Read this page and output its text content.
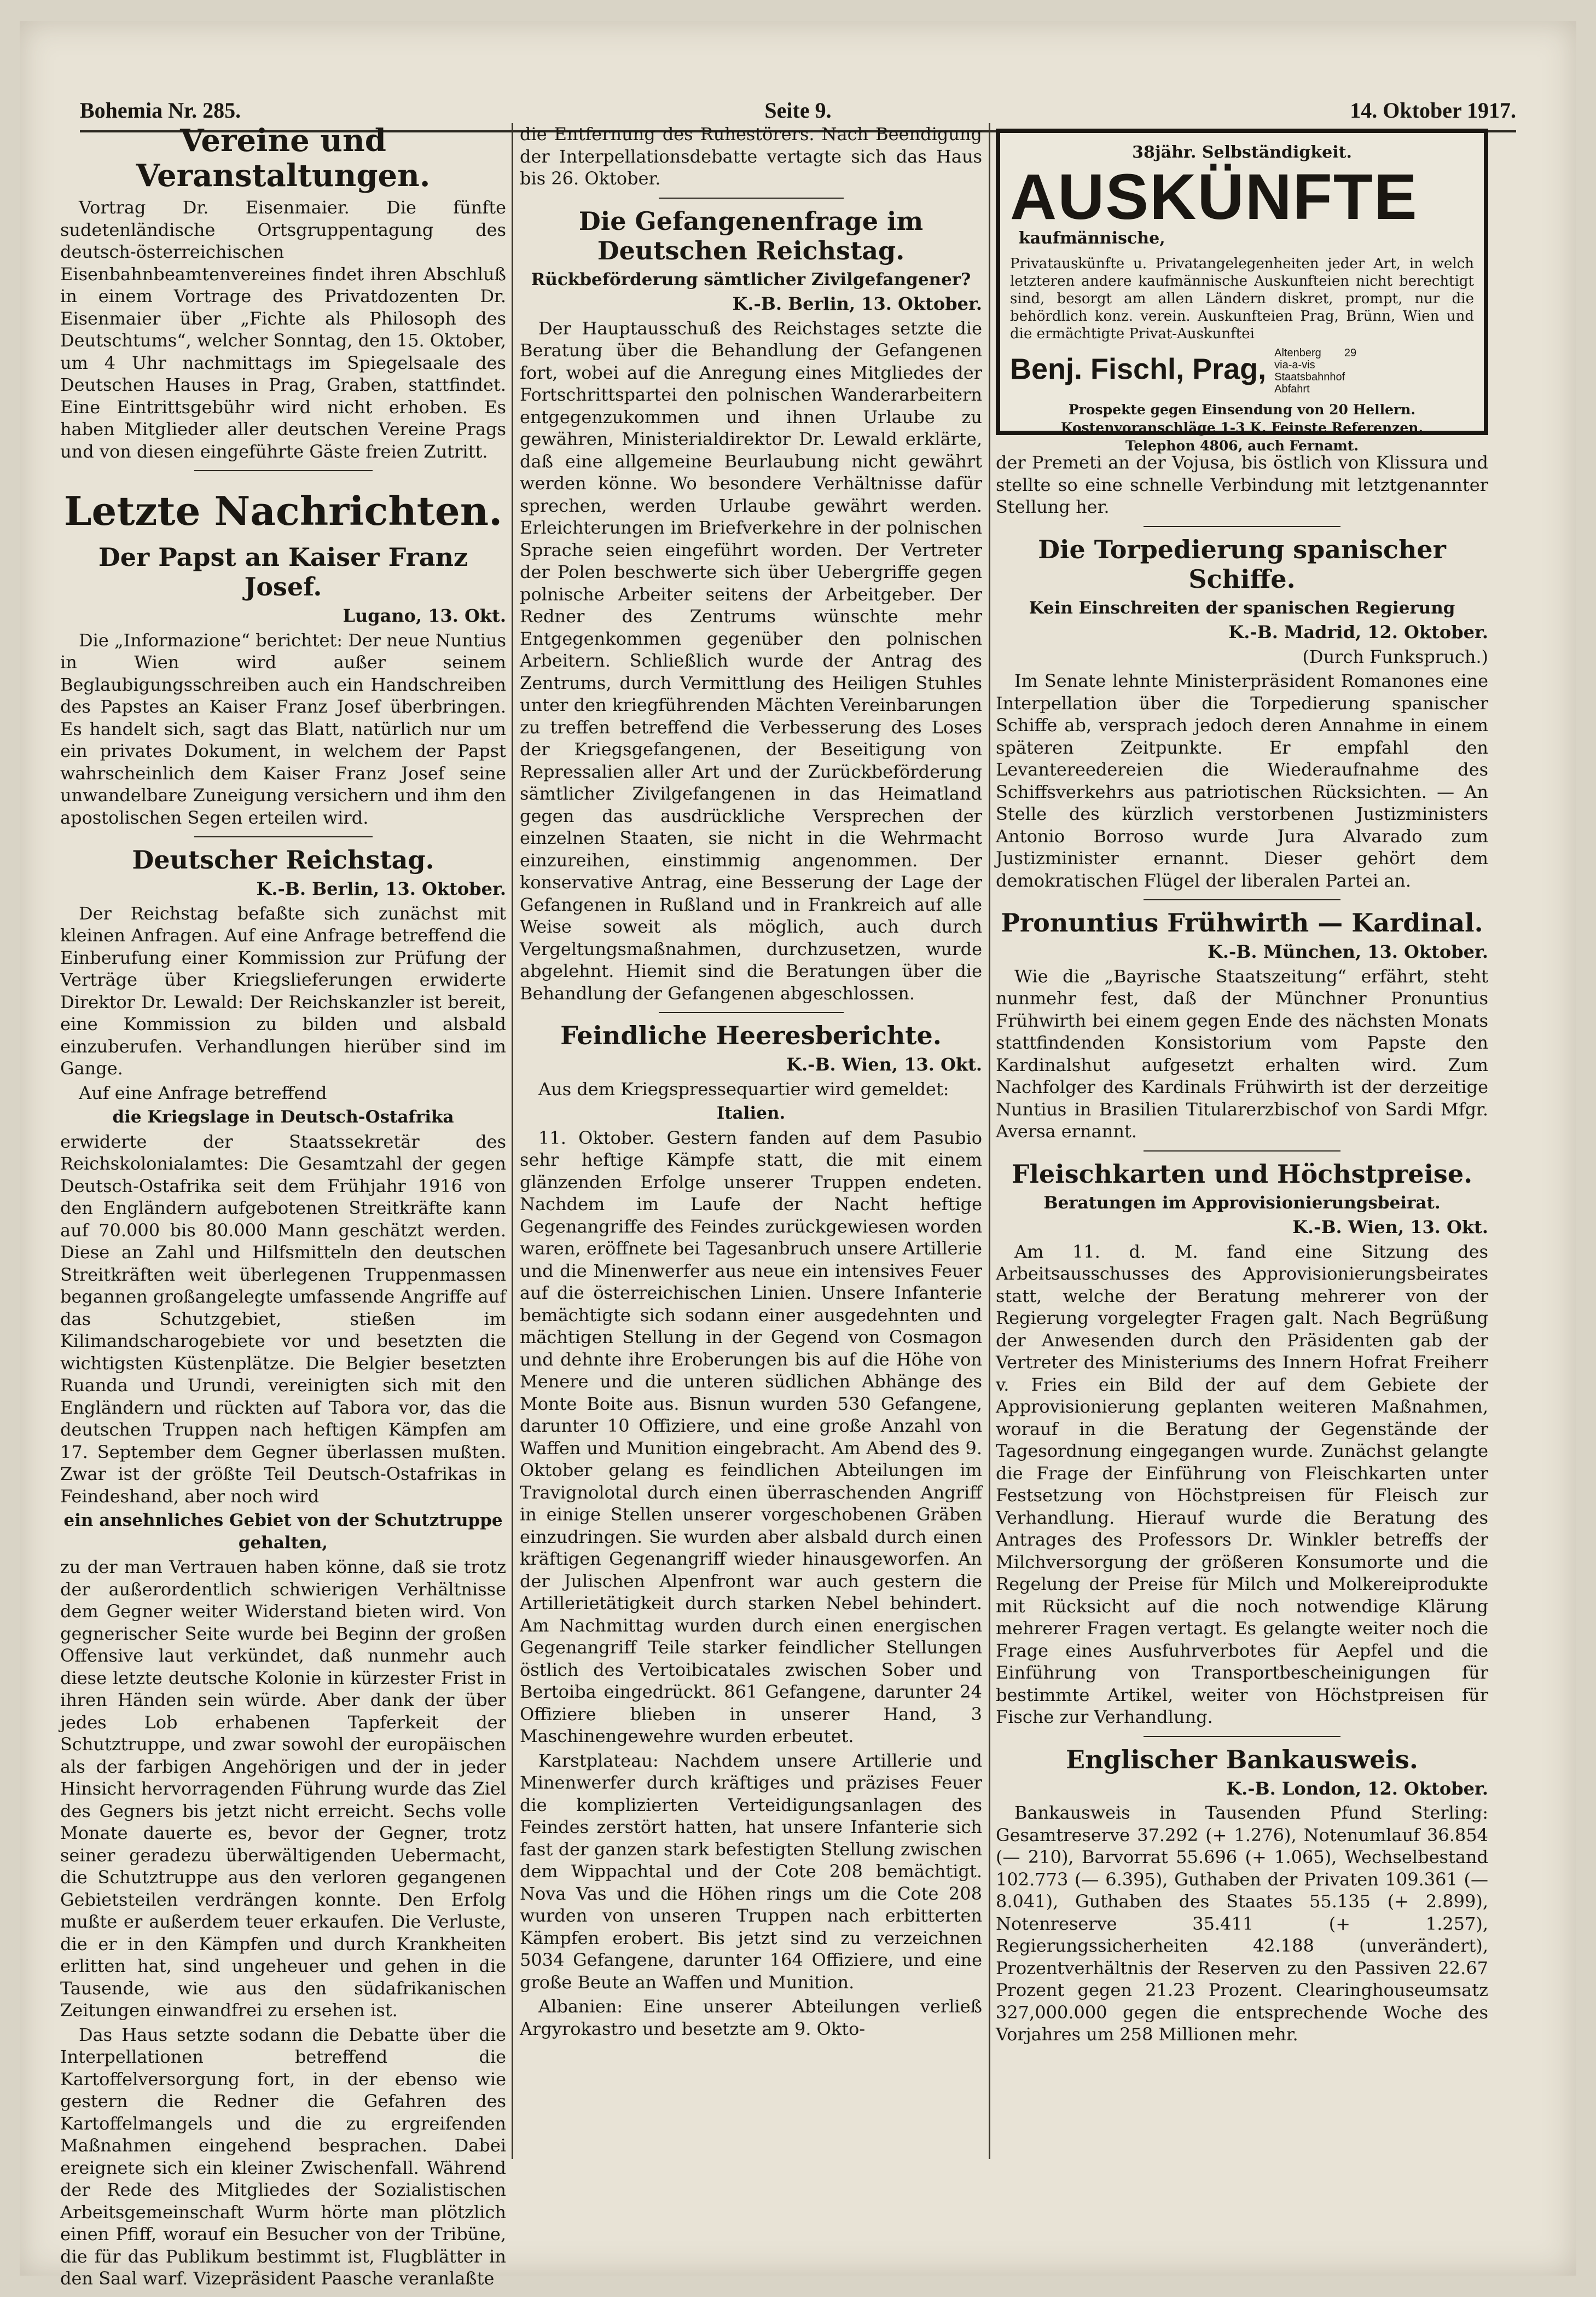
Bohemia Nr. 285.	Seite 9.	14. Oktober 1917.

Vereine und Veranstaltungen.

Vortrag Dr. Eisenmaier. Die fünfte sudetenländische Ortsgruppentagung des deutsch-österreichischen Eisenbahnbeamtenvereines findet ihren Abschluß in einem Vortrage des Privatdozenten Dr. Eisenmaier über „Fichte als Philosoph des Deutschtums“, welcher Sonntag, den 15. Oktober, um 4 Uhr nachmittags im Spiegelsaale des Deutschen Hauses in Prag, Graben, stattfindet. Eine Eintrittsgebühr wird nicht erhoben. Es haben Mitglieder aller deutschen Vereine Prags und von diesen eingeführte Gäste freien Zutritt.

Letzte Nachrichten.

Der Papst an Kaiser Franz Josef.

Lugano, 13. Okt.

Die „Informazione“ berichtet: Der neue Nuntius in Wien wird außer seinem Beglaubigungsschreiben auch ein Handschreiben des Papstes an Kaiser Franz Josef überbringen. Es handelt sich, sagt das Blatt, natürlich nur um ein privates Dokument, in welchem der Papst wahrscheinlich dem Kaiser Franz Josef seine unwandelbare Zuneigung versichern und ihm den apostolischen Segen erteilen wird.

Deutscher Reichstag.

K.-B. Berlin, 13. Oktober.

Der Reichstag befaßte sich zunächst mit kleinen Anfragen. Auf eine Anfrage betreffend die Einberufung einer Kommission zur Prüfung der Verträge über Kriegslieferungen erwiderte Direktor Dr. Lewald: Der Reichskanzler ist bereit, eine Kommission zu bilden und alsbald einzuberufen. Verhandlungen hierüber sind im Gange.

Auf eine Anfrage betreffend

die Kriegslage in Deutsch-Ostafrika

erwiderte der Staatssekretär des Reichskolonialamtes: Die Gesamtzahl der gegen Deutsch-Ostafrika seit dem Frühjahr 1916 von den Engländern aufgebotenen Streitkräfte kann auf 70.000 bis 80.000 Mann geschätzt werden. Diese an Zahl und Hilfsmitteln den deutschen Streitkräften weit überlegenen Truppenmassen begannen großangelegte umfassende Angriffe auf das Schutzgebiet, stießen im Kilimandscharogebiete vor und besetzten die wichtigsten Küstenplätze. Die Belgier besetzten Ruanda und Urundi, vereinigten sich mit den Engländern und rückten auf Tabora vor, das die deutschen Truppen nach heftigen Kämpfen am 17. September dem Gegner überlassen mußten. Zwar ist der größte Teil Deutsch-Ostafrikas in Feindeshand, aber noch wird

ein ansehnliches Gebiet von der Schutztruppe gehalten,

zu der man Vertrauen haben könne, daß sie trotz der außerordentlich schwierigen Verhältnisse dem Gegner weiter Widerstand bieten wird. Von gegnerischer Seite wurde bei Beginn der großen Offensive laut verkündet, daß nunmehr auch diese letzte deutsche Kolonie in kürzester Frist in ihren Händen sein würde. Aber dank der über jedes Lob erhabenen Tapferkeit der Schutztruppe, und zwar sowohl der europäischen als der farbigen Angehörigen und der in jeder Hinsicht hervorragenden Führung wurde das Ziel des Gegners bis jetzt nicht erreicht. Sechs volle Monate dauerte es, bevor der Gegner, trotz seiner geradezu überwältigenden Uebermacht, die Schutztruppe aus den verloren gegangenen Gebietsteilen verdrängen konnte. Den Erfolg mußte er außerdem teuer erkaufen. Die Verluste, die er in den Kämpfen und durch Krankheiten erlitten hat, sind ungeheuer und gehen in die Tausende, wie aus den südafrikanischen Zeitungen einwandfrei zu ersehen ist.

Das Haus setzte sodann die Debatte über die Interpellationen betreffend die Kartoffelversorgung fort, in der ebenso wie gestern die Redner die Gefahren des Kartoffelmangels und die zu ergreifenden Maßnahmen eingehend besprachen. Dabei ereignete sich ein kleiner Zwischenfall. Während der Rede des Mitgliedes der Sozialistischen Arbeitsgemeinschaft Wurm hörte man plötzlich einen Pfiff, worauf ein Besucher von der Tribüne, die für das Publikum bestimmt ist, Flugblätter in den Saal warf. Vizepräsident Paasche veranlaßte

die Entfernung des Ruhestörers. Nach Beendigung der Interpellationsdebatte vertagte sich das Haus bis 26. Oktober.

Die Gefangenenfrage im Deutschen Reichstag.

Rückbeförderung sämtlicher Zivilgefangener?

K.-B. Berlin, 13. Oktober.

Der Hauptausschuß des Reichstages setzte die Beratung über die Behandlung der Gefangenen fort, wobei auf die Anregung eines Mitgliedes der Fortschrittspartei den polnischen Wanderarbeitern entgegenzukommen und ihnen Urlaube zu gewähren, Ministerialdirektor Dr. Lewald erklärte, daß eine allgemeine Beurlaubung nicht gewährt werden könne. Wo besondere Verhältnisse dafür sprechen, werden Urlaube gewährt werden. Erleichterungen im Briefverkehre in der polnischen Sprache seien eingeführt worden. Der Vertreter der Polen beschwerte sich über Uebergriffe gegen polnische Arbeiter seitens der Arbeitgeber. Der Redner des Zentrums wünschte mehr Entgegenkommen gegenüber den polnischen Arbeitern. Schließlich wurde der Antrag des Zentrums, durch Vermittlung des Heiligen Stuhles unter den kriegführenden Mächten Vereinbarungen zu treffen betreffend die Verbesserung des Loses der Kriegsgefangenen, der Beseitigung von Repressalien aller Art und der Zurückbeförderung sämtlicher Zivilgefangenen in das Heimatland gegen das ausdrückliche Versprechen der einzelnen Staaten, sie nicht in die Wehrmacht einzureihen, einstimmig angenommen. Der konservative Antrag, eine Besserung der Lage der Gefangenen in Rußland und in Frankreich auf alle Weise soweit als möglich, auch durch Vergeltungsmaßnahmen, durchzusetzen, wurde abgelehnt. Hiemit sind die Beratungen über die Behandlung der Gefangenen abgeschlossen.

Feindliche Heeresberichte.

K.-B. Wien, 13. Okt.

Aus dem Kriegspressequartier wird gemeldet:

Italien.

11. Oktober. Gestern fanden auf dem Pasubio sehr heftige Kämpfe statt, die mit einem glänzenden Erfolge unserer Truppen endeten. Nachdem im Laufe der Nacht heftige Gegenangriffe des Feindes zurückgewiesen worden waren, eröffnete bei Tagesanbruch unsere Artillerie und die Minenwerfer aus neue ein intensives Feuer auf die österreichischen Linien. Unsere Infanterie bemächtigte sich sodann einer ausgedehnten und mächtigen Stellung in der Gegend von Cosmagon und dehnte ihre Eroberungen bis auf die Höhe von Menere und die unteren südlichen Abhänge des Monte Boite aus. Bisnun wurden 530 Gefangene, darunter 10 Offiziere, und eine große Anzahl von Waffen und Munition eingebracht. Am Abend des 9. Oktober gelang es feindlichen Abteilungen im Travignolotal durch einen überraschenden Angriff in einige Stellen unserer vorgeschobenen Gräben einzudringen. Sie wurden aber alsbald durch einen kräftigen Gegenangriff wieder hinausgeworfen. An der Julischen Alpenfront war auch gestern die Artillerietätigkeit durch starken Nebel behindert. Am Nachmittag wurden durch einen energischen Gegenangriff Teile starker feindlicher Stellungen östlich des Vertoibicatales zwischen Sober und Bertoiba eingedrückt. 861 Gefangene, darunter 24 Offiziere blieben in unserer Hand, 3 Maschinengewehre wurden erbeutet.

Karstplateau: Nachdem unsere Artillerie und Minenwerfer durch kräftiges und präzises Feuer die komplizierten Verteidigungsanlagen des Feindes zerstört hatten, hat unsere Infanterie sich fast der ganzen stark befestigten Stellung zwischen dem Wippachtal und der Cote 208 bemächtigt. Nova Vas und die Höhen rings um die Cote 208 wurden von unseren Truppen nach erbitterten Kämpfen erobert. Bis jetzt sind zu verzeichnen 5034 Gefangene, darunter 164 Offiziere, und eine große Beute an Waffen und Munition.

Albanien: Eine unserer Abteilungen verließ Argyrokastro und besetzte am 9. Okto-

38jähr. Selbständigkeit.
AUSKÜNFTEkaufmännische,
Privatauskünfte u. Privatangelegenheiten jeder Art, in welch letzteren andere kaufmännische Auskunfteien nicht berechtigt sind, besorgt am allen Ländern diskret, prompt, nur die behördlich konz. verein. Auskunfteien Prag, Brünn, Wien und die ermächtigte Privat-Auskunftei
Benj. Fischl, Prag, Altenberg 29 via-a-vis Staatsbahnhof Abfahrt
Prospekte gegen Einsendung von 20 Hellern.
Kostenvoranschläge 1-3 K. Feinste Referenzen.
Telephon 4806, auch Fernamt.

der Premeti an der Vojusa, bis östlich von Klissura und stellte so eine schnelle Verbindung mit letztgenannter Stellung her.

Die Torpedierung spanischer Schiffe.

Kein Einschreiten der spanischen Regierung

K.-B. Madrid, 12. Oktober.

(Durch Funkspruch.)

Im Senate lehnte Ministerpräsident Romanones eine Interpellation über die Torpedierung spanischer Schiffe ab, versprach jedoch deren Annahme in einem späteren Zeitpunkte. Er empfahl den Levantereedereien die Wiederaufnahme des Schiffsverkehrs aus patriotischen Rücksichten. — An Stelle des kürzlich verstorbenen Justizministers Antonio Borroso wurde Jura Alvarado zum Justizminister ernannt. Dieser gehört dem demokratischen Flügel der liberalen Partei an.

Pronuntius Frühwirth — Kardinal.

K.-B. München, 13. Oktober.

Wie die „Bayrische Staatszeitung“ erfährt, steht nunmehr fest, daß der Münchner Pronuntius Frühwirth bei einem gegen Ende des nächsten Monats stattfindenden Konsistorium vom Papste den Kardinalshut aufgesetzt erhalten wird. Zum Nachfolger des Kardinals Frühwirth ist der derzeitige Nuntius in Brasilien Titularerzbischof von Sardi Mfgr. Aversa ernannt.

Fleischkarten und Höchstpreise.

Beratungen im Approvisionierungsbeirat.

K.-B. Wien, 13. Okt.

Am 11. d. M. fand eine Sitzung des Arbeitsausschusses des Approvisionierungsbeirates statt, welche der Beratung mehrerer von der Regierung vorgelegter Fragen galt. Nach Begrüßung der Anwesenden durch den Präsidenten gab der Vertreter des Ministeriums des Innern Hofrat Freiherr v. Fries ein Bild der auf dem Gebiete der Approvisionierung geplanten weiteren Maßnahmen, worauf in die Beratung der Gegenstände der Tagesordnung eingegangen wurde. Zunächst gelangte die Frage der Einführung von Fleischkarten unter Festsetzung von Höchstpreisen für Fleisch zur Verhandlung. Hierauf wurde die Beratung des Antrages des Professors Dr. Winkler betreffs der Milchversorgung der größeren Konsumorte und die Regelung der Preise für Milch und Molkereiprodukte mit Rücksicht auf die noch notwendige Klärung mehrerer Fragen vertagt. Es gelangte weiter noch die Frage eines Ausfuhrverbotes für Aepfel und die Einführung von Transportbescheinigungen für bestimmte Artikel, weiter von Höchstpreisen für Fische zur Verhandlung.

Englischer Bankausweis.

K.-B. London, 12. Oktober.

Bankausweis in Tausenden Pfund Sterling: Gesamtreserve 37.292 (+ 1.276), Notenumlauf 36.854 (— 210), Barvorrat 55.696 (+ 1.065), Wechselbestand 102.773 (— 6.395), Guthaben der Privaten 109.361 (— 8.041), Guthaben des Staates 55.135 (+ 2.899), Notenreserve 35.411 (+ 1.257), Regierungssicherheiten 42.188 (unverändert), Prozentverhältnis der Reserven zu den Passiven 22.67 Prozent gegen 21.23 Prozent. Clearinghouseumsatz 327,000.000 gegen die entsprechende Woche des Vorjahres um 258 Millionen mehr.
